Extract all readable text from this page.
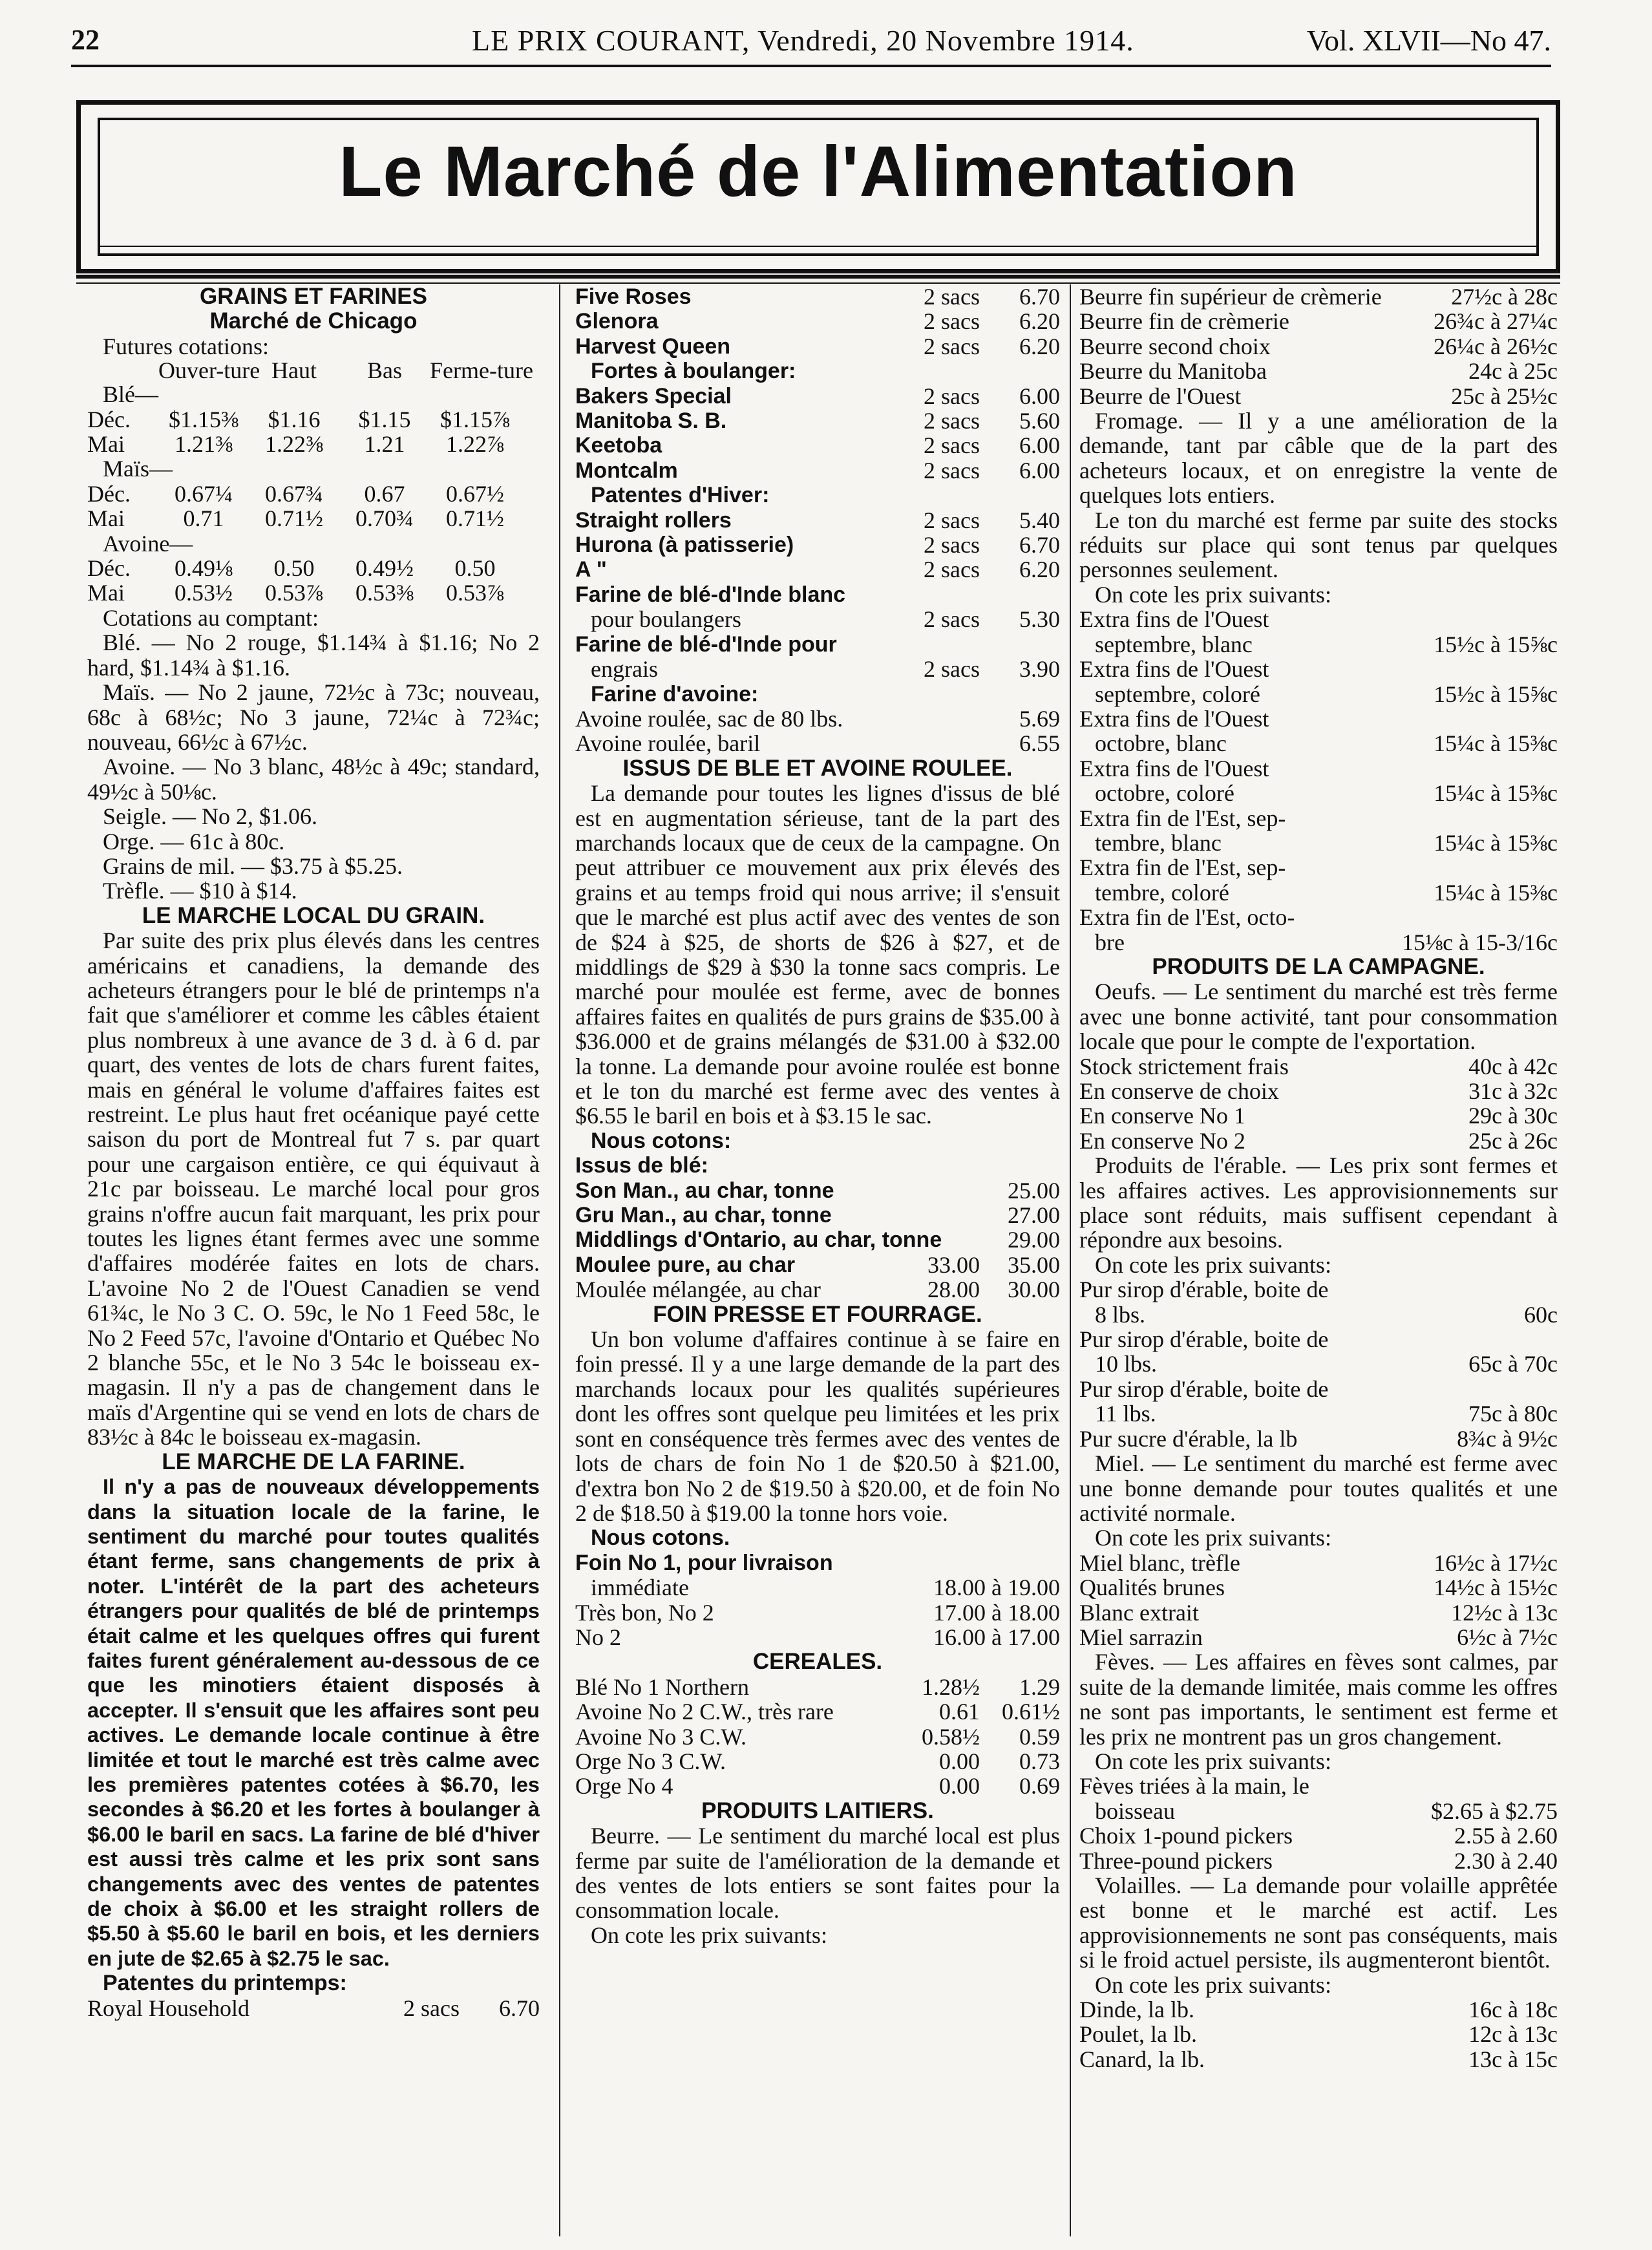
22	LE PRIX COURANT, Vendredi, 20 Novembre 1914.	Vol. XLVII—No 47.
Le Marché de l'Alimentation
GRAINS ET FARINES
Marché de Chicago
Futures cotations:
Ouver-ture Haut	Bas	Ferme-ture
Blé—
Déc.	$1.15⅜	$1.16	$1.15	$1.15⅞
Mai	1.21⅜	1.22⅜	1.21	1.22⅞
Maïs—
Déc.	0.67¼	0.67¾	0.67	0.67½
Mai	0.71	0.71½	0.70¾	0.71½
Avoine—
Déc.	0.49⅛	0.50	0.49½	0.50
Mai	0.53½	0.53⅞	0.53⅜	0.53⅞
Cotations au comptant:
Blé. — No 2 rouge, $1.14¾ à $1.16; No 2 hard, $1.14¾ à $1.16.
Maïs. — No 2 jaune, 72½c à 73c; nouveau, 68c à 68½c; No 3 jaune, 72¼c à 72¾c; nouveau, 66½c à 67½c.
Avoine. — No 3 blanc, 48½c à 49c; standard, 49½c à 50⅛c.
Seigle. — No 2, $1.06.
Orge. — 61c à 80c.
Grains de mil. — $3.75 à $5.25.
Trèfle. — $10 à $14.
LE MARCHE LOCAL DU GRAIN.
Par suite des prix plus élevés dans les centres américains et canadiens, la demande des acheteurs étrangers pour le blé de printemps n'a fait que s'améliorer et comme les câbles étaient plus nombreux à une avance de 3 d. à 6 d. par quart, des ventes de lots de chars furent faites, mais en général le volume d'affaires faites est restreint. Le plus haut fret océanique payé cette saison du port de Montreal fut 7 s. par quart pour une cargaison entière, ce qui équivaut à 21c par boisseau. Le marché local pour gros grains n'offre aucun fait marquant, les prix pour toutes les lignes étant fermes avec une somme d'affaires modérée faites en lots de chars. L'avoine No 2 de l'Ouest Canadien se vend 61¾c, le No 3 C. O. 59c, le No 1 Feed 58c, le No 2 Feed 57c, l'avoine d'Ontario et Québec No 2 blanche 55c, et le No 3 54c le boisseau ex-magasin. Il n'y a pas de changement dans le maïs d'Argentine qui se vend en lots de chars de 83½c à 84c le boisseau ex-magasin.
LE MARCHE DE LA FARINE.
Il n'y a pas de nouveaux développements dans la situation locale de la farine, le sentiment du marché pour toutes qualités étant ferme, sans changements de prix à noter. L'intérêt de la part des acheteurs étrangers pour qualités de blé de printemps était calme et les quelques offres qui furent faites furent généralement au-dessous de ce que les minotiers étaient disposés à accepter. Il s'ensuit que les affaires sont peu actives. Le demande locale continue à être limitée et tout le marché est très calme avec les premières patentes cotées à $6.70, les secondes à $6.20 et les fortes à boulanger à $6.00 le baril en sacs. La farine de blé d'hiver est aussi très calme et les prix sont sans changements avec des ventes de patentes de choix à $6.00 et les straight rollers de $5.50 à $5.60 le baril en bois, et les derniers en jute de $2.65 à $2.75 le sac.
Patentes du printemps:
Royal Household	2 sacs	6.70
Five Roses	2 sacs	6.70
Glenora	2 sacs	6.20
Harvest Queen	2 sacs	6.20
Fortes à boulanger:
Bakers Special	2 sacs	6.00
Manitoba S. B.	2 sacs	5.60
Keetoba	2 sacs	6.00
Montcalm	2 sacs	6.00
Patentes d'Hiver:
Straight rollers	2 sacs	5.40
Hurona (à patisserie)	2 sacs	6.70
A "	2 sacs	6.20
Farine de blé-d'Inde blanc
pour boulangers	2 sacs	5.30
Farine de blé-d'Inde pour
engrais	2 sacs	3.90
Farine d'avoine:
Avoine roulée, sac de 80 lbs.	5.69
Avoine roulée, baril	6.55
ISSUS DE BLE ET AVOINE ROULEE.
La demande pour toutes les lignes d'issus de blé est en augmentation sérieuse, tant de la part des marchands locaux que de ceux de la campagne. On peut attribuer ce mouvement aux prix élevés des grains et au temps froid qui nous arrive; il s'ensuit que le marché est plus actif avec des ventes de son de $24 à $25, de shorts de $26 à $27, et de middlings de $29 à $30 la tonne sacs compris. Le marché pour moulée est ferme, avec de bonnes affaires faites en qualités de purs grains de $35.00 à $36.000 et de grains mélangés de $31.00 à $32.00 la tonne. La demande pour avoine roulée est bonne et le ton du marché est ferme avec des ventes à $6.55 le baril en bois et à $3.15 le sac.
Nous cotons:
Issus de blé:
Son Man., au char, tonne	25.00
Gru Man., au char, tonne	27.00
Middlings d'Ontario, au char, tonne	29.00
Moulee pure, au char	33.00	35.00
Moulée mélangée, au char	28.00	30.00
FOIN PRESSE ET FOURRAGE.
Un bon volume d'affaires continue à se faire en foin pressé. Il y a une large demande de la part des marchands locaux pour les qualités supérieures dont les offres sont quelque peu limitées et les prix sont en conséquence très fermes avec des ventes de lots de chars de foin No 1 de $20.50 à $21.00, d'extra bon No 2 de $19.50 à $20.00, et de foin No 2 de $18.50 à $19.00 la tonne hors voie.
Nous cotons.
Foin No 1, pour livraison
immédiate	18.00 à 19.00
Très bon, No 2	17.00 à 18.00
No 2	16.00 à 17.00
CEREALES.
Blé No 1 Northern	1.28½	1.29
Avoine No 2 C.W., très rare	0.61 0.61½
Avoine No 3 C.W.	0.58½	0.59
Orge No 3 C.W.	0.00	0.73
Orge No 4	0.00	0.69
PRODUITS LAITIERS.
Beurre. — Le sentiment du marché local est plus ferme par suite de l'amélioration de la demande et des ventes de lots entiers se sont faites pour la consommation locale.
On cote les prix suivants:
Beurre fin supérieur de crèmerie	27½c à 28c
Beurre fin de crèmerie	26¾c à 27¼c
Beurre second choix	26¼c à 26½c
Beurre du Manitoba	24c à 25c
Beurre de l'Ouest	25c à 25½c
Fromage. — Il y a une amélioration de la demande, tant par câble que de la part des acheteurs locaux, et on enregistre la vente de quelques lots entiers.
Le ton du marché est ferme par suite des stocks réduits sur place qui sont tenus par quelques personnes seulement.
On cote les prix suivants:
Extra fins de l'Ouest
septembre, blanc	15½c à 15⅝c
Extra fins de l'Ouest
septembre, coloré	15½c à 15⅝c
Extra fins de l'Ouest
octobre, blanc	15¼c à 15⅜c
Extra fins de l'Ouest
octobre, coloré	15¼c à 15⅜c
Extra fin de l'Est, sep-
tembre, blanc	15¼c à 15⅜c
Extra fin de l'Est, sep-
tembre, coloré	15¼c à 15⅜c
Extra fin de l'Est, octo-
bre	15⅛c à 15-3/16c
PRODUITS DE LA CAMPAGNE.
Oeufs. — Le sentiment du marché est très ferme avec une bonne activité, tant pour consommation locale que pour le compte de l'exportation.
Stock strictement frais	40c à 42c
En conserve de choix	31c à 32c
En conserve No 1	29c à 30c
En conserve No 2	25c à 26c
Produits de l'érable. — Les prix sont fermes et les affaires actives. Les approvisionnements sur place sont réduits, mais suffisent cependant à répondre aux besoins.
On cote les prix suivants:
Pur sirop d'érable, boite de
8 lbs.	60c
Pur sirop d'érable, boite de
10 lbs.	65c à 70c
Pur sirop d'érable, boite de
11 lbs.	75c à 80c
Pur sucre d'érable, la lb	8¾c à 9½c
Miel. — Le sentiment du marché est ferme avec une bonne demande pour toutes qualités et une activité normale.
On cote les prix suivants:
Miel blanc, trèfle	16½c à 17½c
Qualités brunes	14½c à 15½c
Blanc extrait	12½c à 13c
Miel sarrazin	6½c à 7½c
Fèves. — Les affaires en fèves sont calmes, par suite de la demande limitée, mais comme les offres ne sont pas importants, le sentiment est ferme et les prix ne montrent pas un gros changement.
On cote les prix suivants:
Fèves triées à la main, le
boisseau	$2.65 à $2.75
Choix 1-pound pickers	2.55 à 2.60
Three-pound pickers	2.30 à 2.40
Volailles. — La demande pour volaille apprêtée est bonne et le marché est actif. Les approvisionnements ne sont pas conséquents, mais si le froid actuel persiste, ils augmenteront bientôt.
On cote les prix suivants:
Dinde, la lb.	16c à 18c
Poulet, la lb.	12c à 13c
Canard, la lb.	13c à 15c
